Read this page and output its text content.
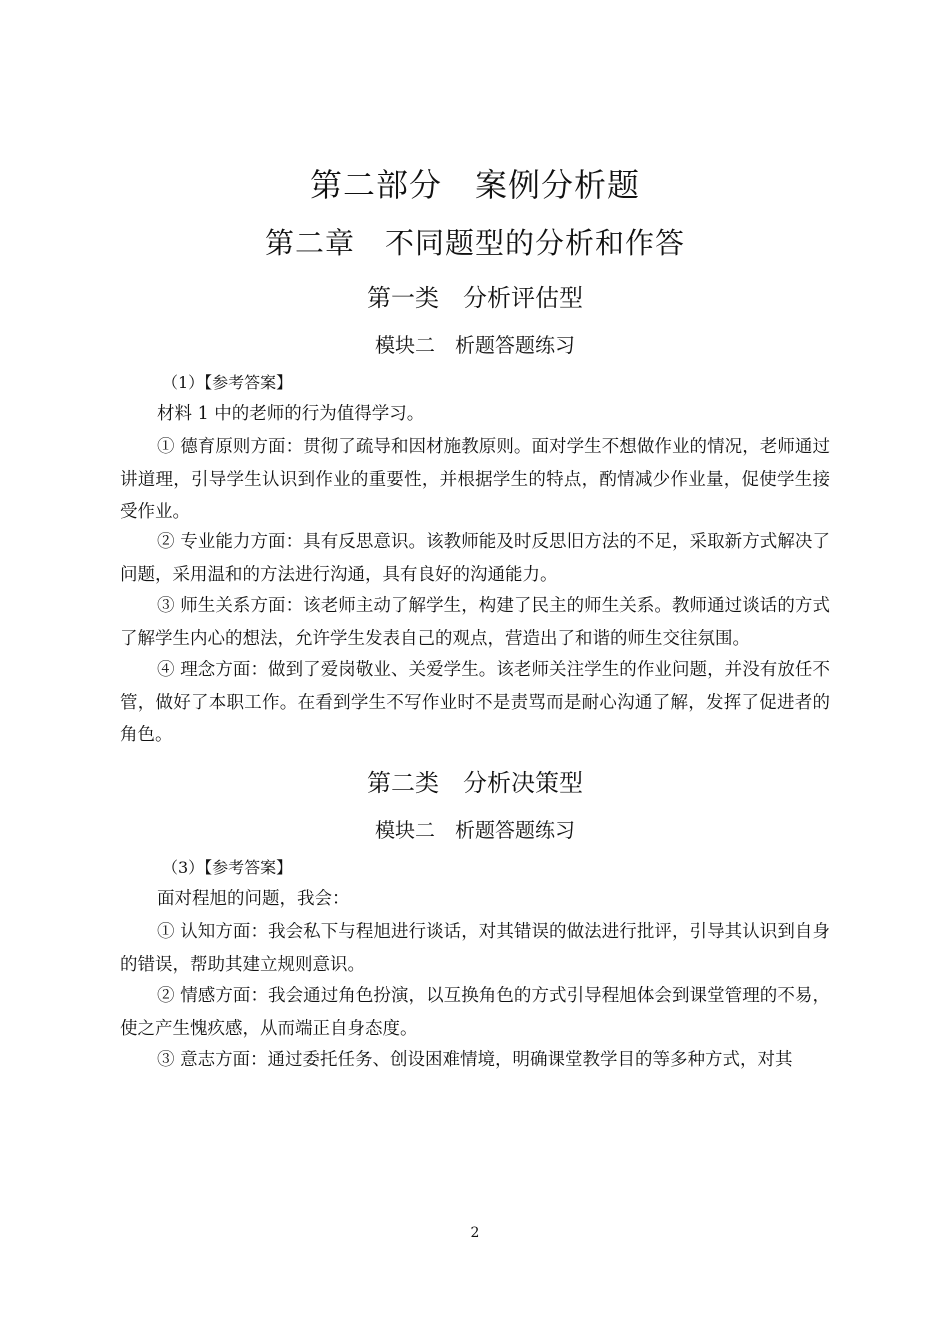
第二部分　案例分析题
第二章　不同题型的分析和作答
第一类　分析评估型
模块二　析题答题练习
（1）【参考答案】

材料 1 中的老师的行为值得学习。

① 德育原则方面：贯彻了疏导和因材施教原则。面对学生不想做作业的情况，老师通过讲道理，引导学生认识到作业的重要性，并根据学生的特点，酌情减少作业量，促使学生接受作业。

② 专业能力方面：具有反思意识。该教师能及时反思旧方法的不足，采取新方式解决了问题，采用温和的方法进行沟通，具有良好的沟通能力。

③ 师生关系方面：该老师主动了解学生，构建了民主的师生关系。教师通过谈话的方式了解学生内心的想法，允许学生发表自己的观点，营造出了和谐的师生交往氛围。

④ 理念方面：做到了爱岗敬业、关爱学生。该老师关注学生的作业问题，并没有放任不管，做好了本职工作。在看到学生不写作业时不是责骂而是耐心沟通了解，发挥了促进者的角色。

第二类　分析决策型
模块二　析题答题练习
（3）【参考答案】

面对程旭的问题，我会：

① 认知方面：我会私下与程旭进行谈话，对其错误的做法进行批评，引导其认识到自身的错误，帮助其建立规则意识。

② 情感方面：我会通过角色扮演，以互换角色的方式引导程旭体会到课堂管理的不易，使之产生愧疚感，从而端正自身态度。

③ 意志方面：通过委托任务、创设困难情境，明确课堂教学目的等多种方式，对其

2
